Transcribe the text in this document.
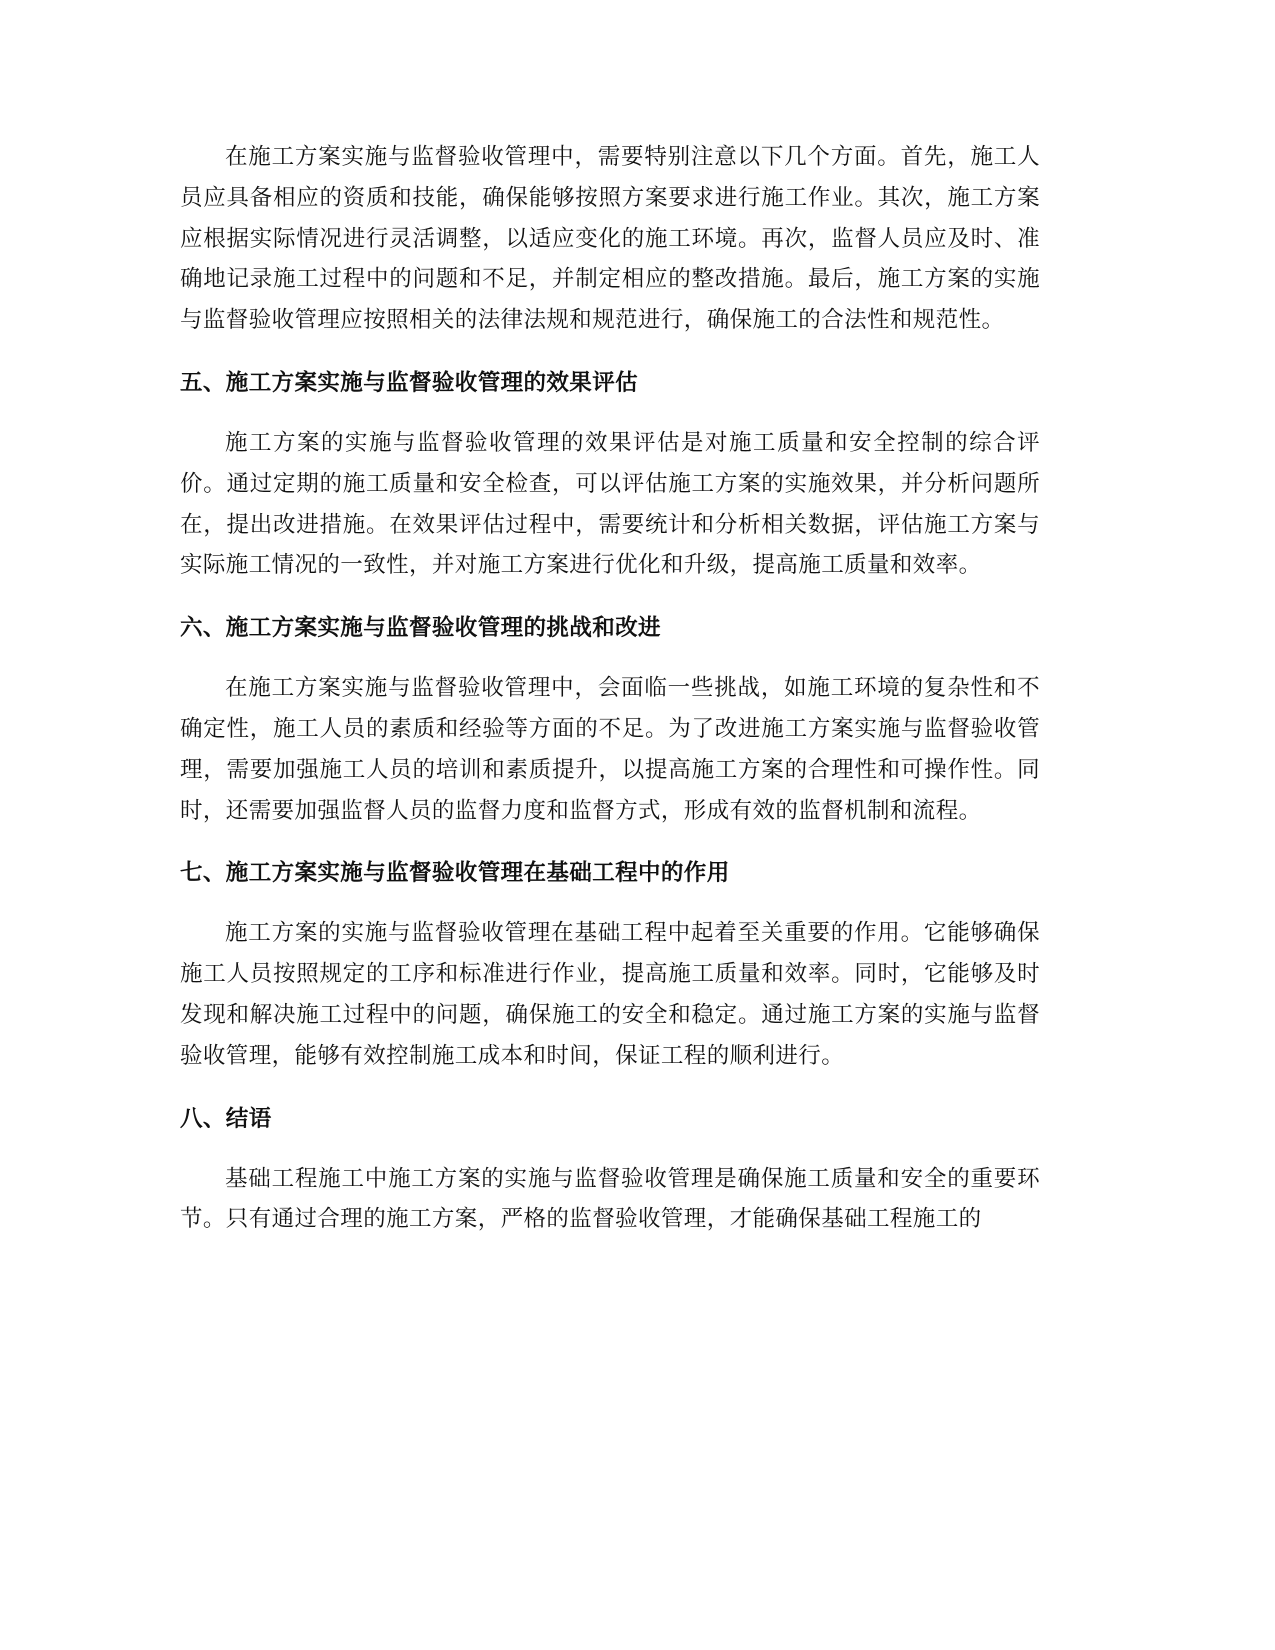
在施工方案实施与监督验收管理中，需要特别注意以下几个方面。首先，施工人员应具备相应的资质和技能，确保能够按照方案要求进行施工作业。其次，施工方案应根据实际情况进行灵活调整，以适应变化的施工环境。再次，监督人员应及时、准确地记录施工过程中的问题和不足，并制定相应的整改措施。最后，施工方案的实施与监督验收管理应按照相关的法律法规和规范进行，确保施工的合法性和规范性。

五、施工方案实施与监督验收管理的效果评估

施工方案的实施与监督验收管理的效果评估是对施工质量和安全控制的综合评价。通过定期的施工质量和安全检查，可以评估施工方案的实施效果，并分析问题所在，提出改进措施。在效果评估过程中，需要统计和分析相关数据，评估施工方案与实际施工情况的一致性，并对施工方案进行优化和升级，提高施工质量和效率。

六、施工方案实施与监督验收管理的挑战和改进

在施工方案实施与监督验收管理中，会面临一些挑战，如施工环境的复杂性和不确定性，施工人员的素质和经验等方面的不足。为了改进施工方案实施与监督验收管理，需要加强施工人员的培训和素质提升，以提高施工方案的合理性和可操作性。同时，还需要加强监督人员的监督力度和监督方式，形成有效的监督机制和流程。

七、施工方案实施与监督验收管理在基础工程中的作用

施工方案的实施与监督验收管理在基础工程中起着至关重要的作用。它能够确保施工人员按照规定的工序和标准进行作业，提高施工质量和效率。同时，它能够及时发现和解决施工过程中的问题，确保施工的安全和稳定。通过施工方案的实施与监督验收管理，能够有效控制施工成本和时间，保证工程的顺利进行。

八、结语

基础工程施工中施工方案的实施与监督验收管理是确保施工质量和安全的重要环节。只有通过合理的施工方案，严格的监督验收管理，才能确保基础工程施工的
